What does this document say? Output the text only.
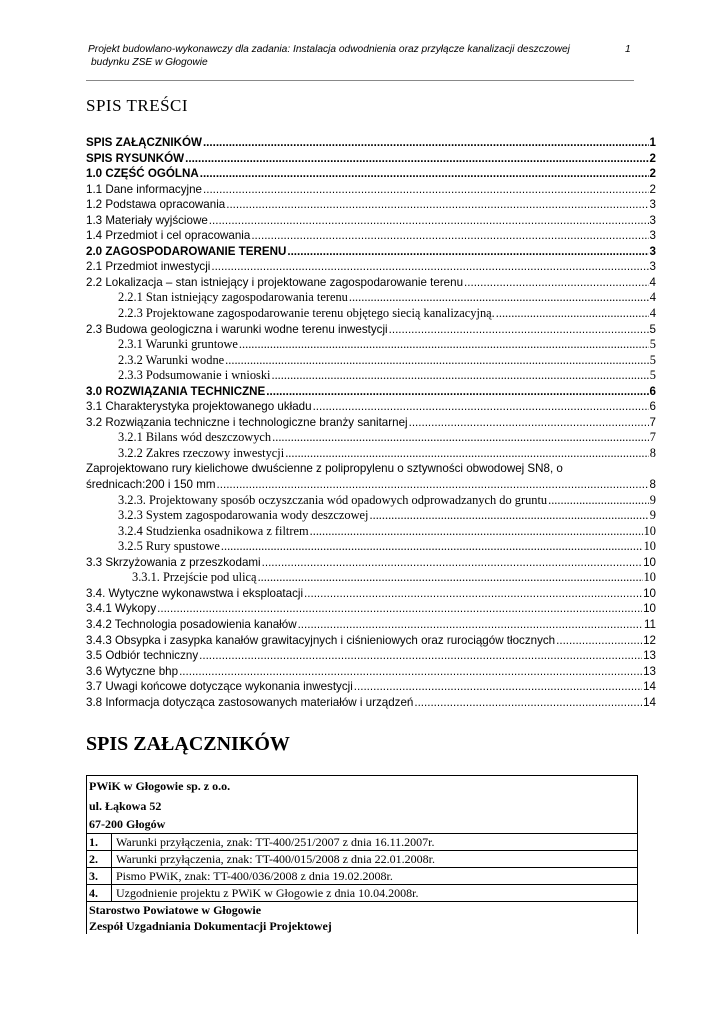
Projekt budowlano-wykonawczy dla zadania: Instalacja odwodnienia oraz przyłącze kanalizacji deszczowej
budynku ZSE w Głogowie
1
SPIS TREŚCI
SPIS ZAŁĄCZNIKÓW .....	1
SPIS RYSUNKÓW .....	2
1.0 CZĘŚĆ OGÓLNA .....	2
1.1 Dane informacyjne .....	2
1.2 Podstawa opracowania .....	3
1.3 Materiały wyjściowe .....	3
1.4 Przedmiot i cel opracowania .....	3
2.0 ZAGOSPODAROWANIE TERENU .....	3
2.1 Przedmiot inwestycji .....	3
2.2 Lokalizacja – stan istniejący i projektowane zagospodarowanie terenu .....	4
2.2.1 Stan istniejący zagospodarowania terenu .....	4
2.2.3 Projektowane zagospodarowanie terenu objętego siecią kanalizacyjną. .....	4
2.3 Budowa geologiczna i warunki wodne terenu inwestycji .....	5
2.3.1 Warunki gruntowe .....	5
2.3.2 Warunki wodne .....	5
2.3.3 Podsumowanie i wnioski .....	5
3.0 ROZWIĄZANIA TECHNICZNE .....	6
3.1 Charakterystyka projektowanego układu .....	6
3.2 Rozwiązania techniczne i technologiczne branży sanitarnej .....	7
3.2.1 Bilans wód deszczowych .....	7
3.2.2 Zakres rzeczowy inwestycji .....	8
Zaprojektowano rury kielichowe dwuścienne z polipropylenu o sztywności obwodowej SN8, o
średnicach:200 i 150 mm .....	8
3.2.3. Projektowany sposób oczyszczania wód opadowych odprowadzanych do gruntu .....	9
3.2.3 System zagospodarowania wody deszczowej .....	9
3.2.4 Studzienka osadnikowa z filtrem .....	10
3.2.5 Rury spustowe .....	10
3.3 Skrzyżowania z przeszkodami .....	10
3.3.1. Przejście pod ulicą .....	10
3.4. Wytyczne wykonawstwa i eksploatacji .....	10
3.4.1 Wykopy .....	10
3.4.2 Technologia posadowienia kanałów .....	11
3.4.3 Obsypka i zasypka kanałów grawitacyjnych i ciśnieniowych oraz rurociągów tłocznych .....	12
3.5 Odbiór techniczny .....	13
3.6 Wytyczne bhp .....	13
3.7 Uwagi końcowe dotyczące wykonania inwestycji .....	14
3.8 Informacja dotycząca zastosowanych materiałów i urządzeń .....	14
SPIS ZAŁĄCZNIKÓW
PWiK w Głogowie sp. z o.o.
ul. Łąkowa 52
67-200 Głogów
1.	Warunki przyłączenia, znak: TT-400/251/2007 z dnia 16.11.2007r.
2.	Warunki przyłączenia, znak: TT-400/015/2008 z dnia 22.01.2008r.
3.	Pismo PWiK, znak: TT-400/036/2008 z dnia 19.02.2008r.
4.	Uzgodnienie projektu z PWiK w Głogowie z dnia 10.04.2008r.
Starostwo Powiatowe w Głogowie
Zespół Uzgadniania Dokumentacji Projektowej
